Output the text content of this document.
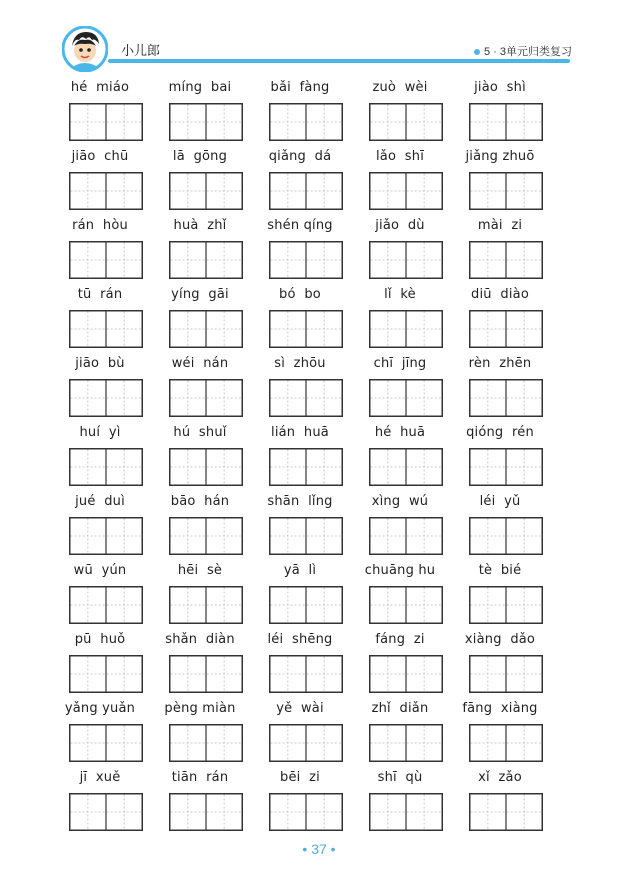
小儿郎	5 · 3单元归类复习
hé  miáo	míng  bai	bǎi  fàng	zuò  wèi	jiào  shì
jiāo  chū	lā  gōng	qiǎng  dá	lǎo  shī	jiǎng zhuō
rán  hòu	huà  zhǐ	shén qíng	jiǎo  dù	mài  zi
tū  rán	yíng  gāi	bó  bo	lǐ  kè	diū  diào
jiāo  bù	wéi  nán	sì  zhōu	chī  jīng	rèn  zhēn
huí  yì	hú  shuǐ	lián  huā	hé  huā	qióng  rén
jué  duì	bāo  hán	shān  lǐng	xìng  wú	léi  yǔ
wū  yún	hēi  sè	yā  lì	chuāng hu	tè  bié
pū  huǒ	shǎn  diàn	léi  shēng	fáng  zi	xiàng  dǎo
yǎng yuǎn	pèng miàn	yě  wài	zhǐ  diǎn	fāng  xiàng
jī  xuě	tiān  rán	bēi  zi	shī  qù	xǐ  zǎo
• 37 •
